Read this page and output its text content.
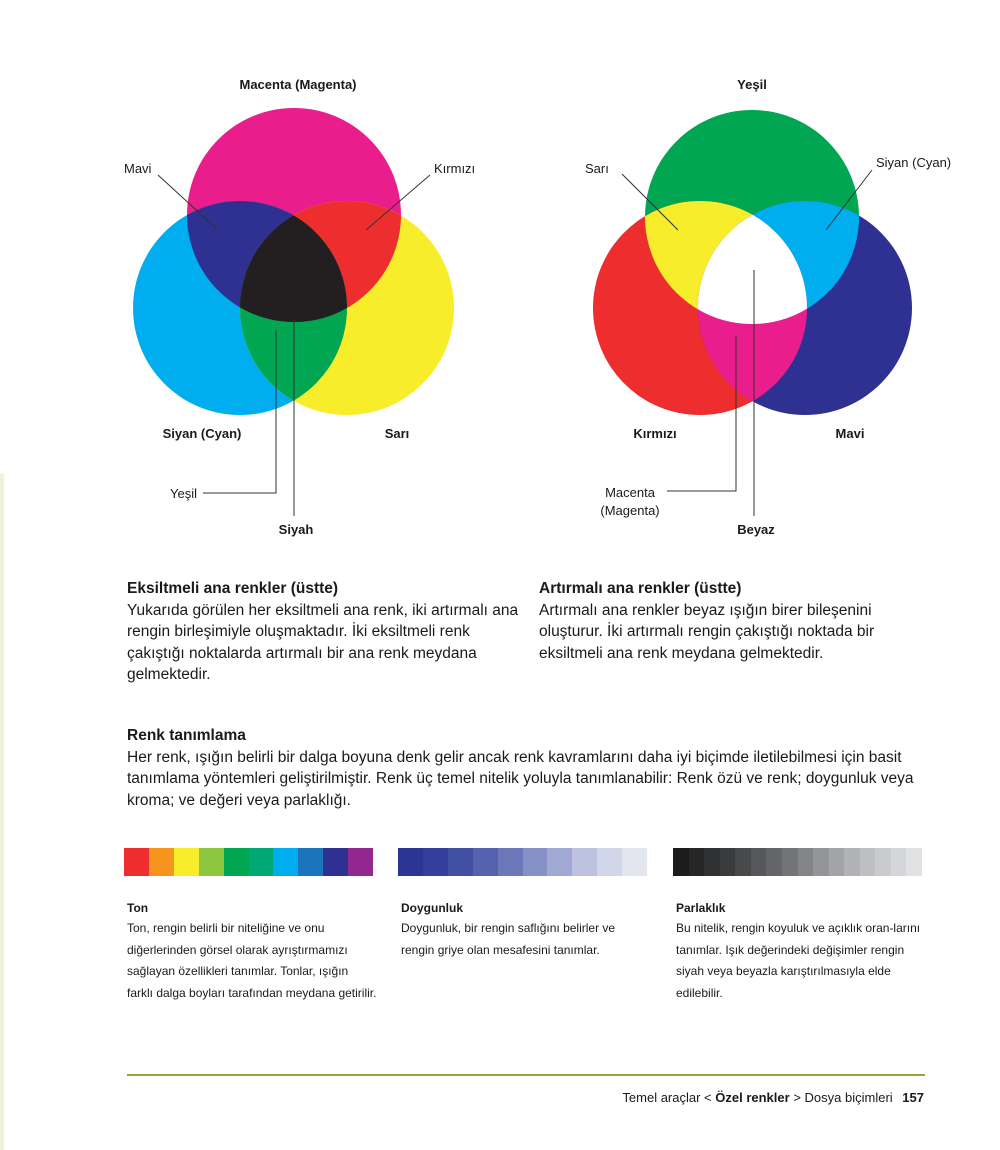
Macenta (Magenta)
Mavi	Kırmızı
Siyan (Cyan)	Sarı
Yeşil
Siyah
Yeşil
Sarı	Siyan (Cyan)
Kırmızı	Mavi
Macenta
(Magenta)
Beyaz
Eksiltmeli ana renkler (üstte)

Yukarıda görülen her eksiltmeli ana renk, iki artırmalı ana rengin birleşimiyle oluşmaktadır. İki eksiltmeli renk çakıştığı noktalarda artırmalı bir ana renk meydana gelmektedir.

Artırmalı ana renkler (üstte)

Artırmalı ana renkler beyaz ışığın birer bileşenini oluşturur. İki artırmalı rengin çakıştığı noktada bir eksiltmeli ana renk meydana gelmektedir.

Renk tanımlama

Her renk, ışığın belirli bir dalga boyuna denk gelir ancak renk kavramlarını daha iyi biçimde iletilebilmesi için basit tanımlama yöntemleri geliştirilmiştir. Renk üç temel nitelik yoluyla tanımlanabilir: Renk özü ve renk; doygunluk veya kroma; ve değeri veya parlaklığı.

Ton

Ton, rengin belirli bir niteliğine ve onu diğerlerinden görsel olarak ayrıştırmamızı sağlayan özellikleri tanımlar. Tonlar, ışığın farklı dalga boyları tarafından meydana getirilir.

Doygunluk

Doygunluk, bir rengin saflığını belirler ve rengin griye olan mesafesini tanımlar.

Parlaklık

Bu nitelik, rengin koyuluk ve açıklık oran-larını tanımlar. Işık değerindeki değişimler rengin siyah veya beyazla karıştırılmasıyla elde edilebilir.

Temel araçlar < Özel renkler > Dosya biçimleri 157
